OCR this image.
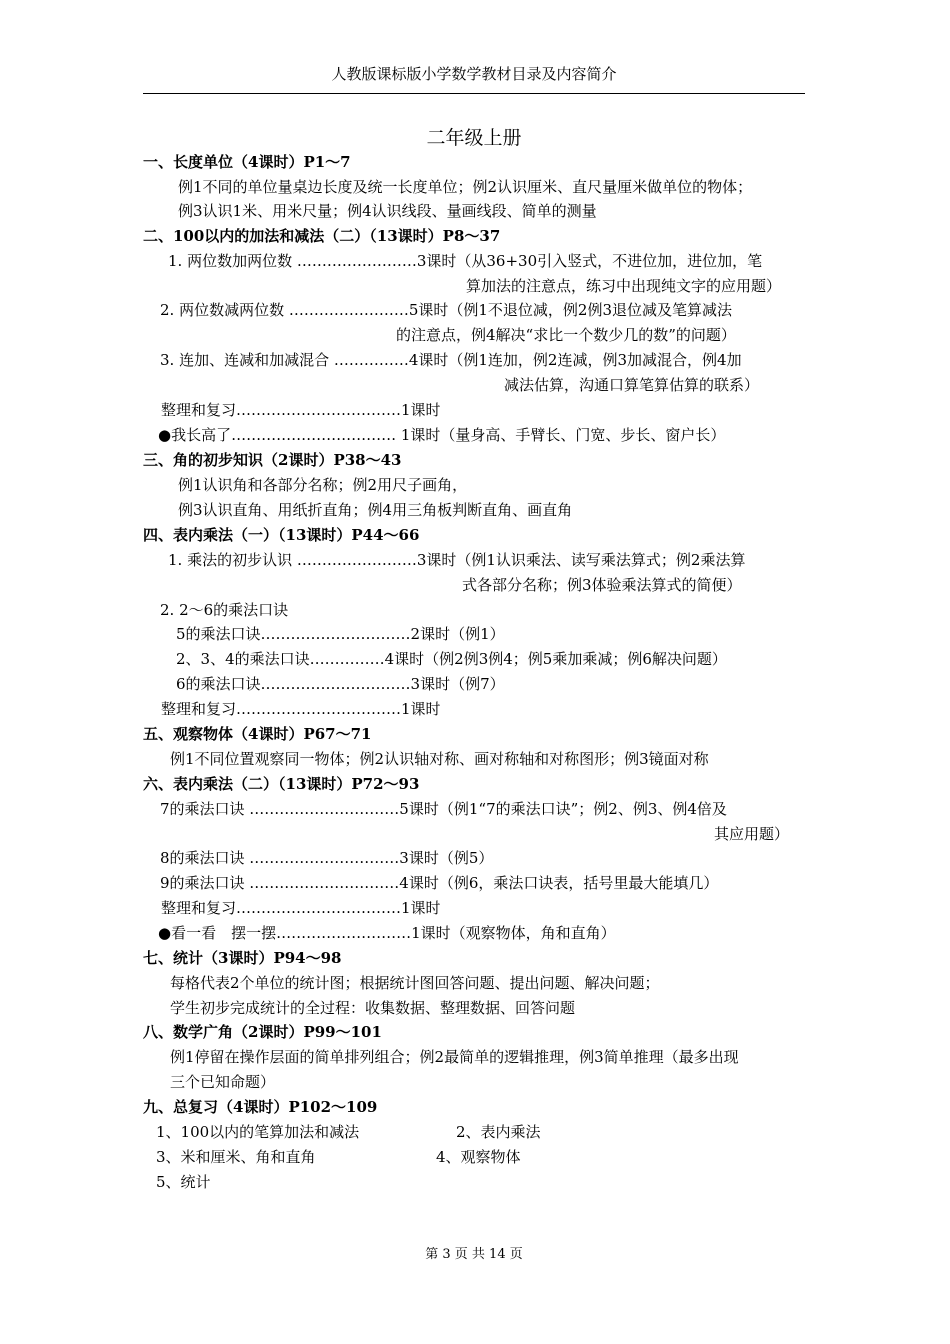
人教版课标版小学数学教材目录及内容简介
二年级上册
一、长度单位（4课时）P1～7
例1不同的单位量桌边长度及统一长度单位；例2认识厘米、直尺量厘米做单位的物体；
例3认识1米、用米尺量；例4认识线段、量画线段、简单的测量
二、100以内的加法和减法（二）（13课时）P8～37
1. 两位数加两位数 ……………………3课时（从36+30引入竖式，不进位加，进位加，笔
算加法的注意点，练习中出现纯文字的应用题）
2. 两位数减两位数 ……………………5课时（例1不退位减，例2例3退位减及笔算减法
的注意点，例4解决“求比一个数少几的数”的问题）
3. 连加、连减和加减混合 ……………4课时（例1连加，例2连减，例3加减混合，例4加
减法估算，沟通口算笔算估算的联系）
整理和复习……………………………1课时
●我长高了…………………………… 1课时（量身高、手臂长、门宽、步长、窗户长）
三、角的初步知识（2课时）P38～43
例1认识角和各部分名称；例2用尺子画角，
例3认识直角、用纸折直角；例4用三角板判断直角、画直角
四、表内乘法（一）（13课时）P44～66
1. 乘法的初步认识 ……………………3课时（例1认识乘法、读写乘法算式；例2乘法算
式各部分名称；例3体验乘法算式的简便）
2. 2～6的乘法口诀
5的乘法口诀…………………………2课时（例1）
2、3、4的乘法口诀……………4课时（例2例3例4；例5乘加乘减；例6解决问题）
6的乘法口诀…………………………3课时（例7）
整理和复习……………………………1课时
五、观察物体（4课时）P67～71
例1不同位置观察同一物体；例2认识轴对称、画对称轴和对称图形；例3镜面对称
六、表内乘法（二）（13课时）P72～93
7的乘法口诀 …………………………5课时（例1“7的乘法口诀”；例2、例3、例4倍及
其应用题）
8的乘法口诀 …………………………3课时（例5）
9的乘法口诀 …………………………4课时（例6，乘法口诀表，括号里最大能填几）
整理和复习……………………………1课时
●看一看　摆一摆………………………1课时（观察物体，角和直角）
七、统计（3课时）P94～98
每格代表2个单位的统计图；根据统计图回答问题、提出问题、解决问题；
学生初步完成统计的全过程：收集数据、整理数据、回答问题
八、数学广角（2课时）P99～101
例1停留在操作层面的简单排列组合；例2最简单的逻辑推理，例3简单推理（最多出现
三个已知命题）
九、总复习（4课时）P102～109
1、100以内的笔算加法和减法	2、表内乘法
3、米和厘米、角和直角	4、观察物体
5、统计
第 3 页 共 14 页
